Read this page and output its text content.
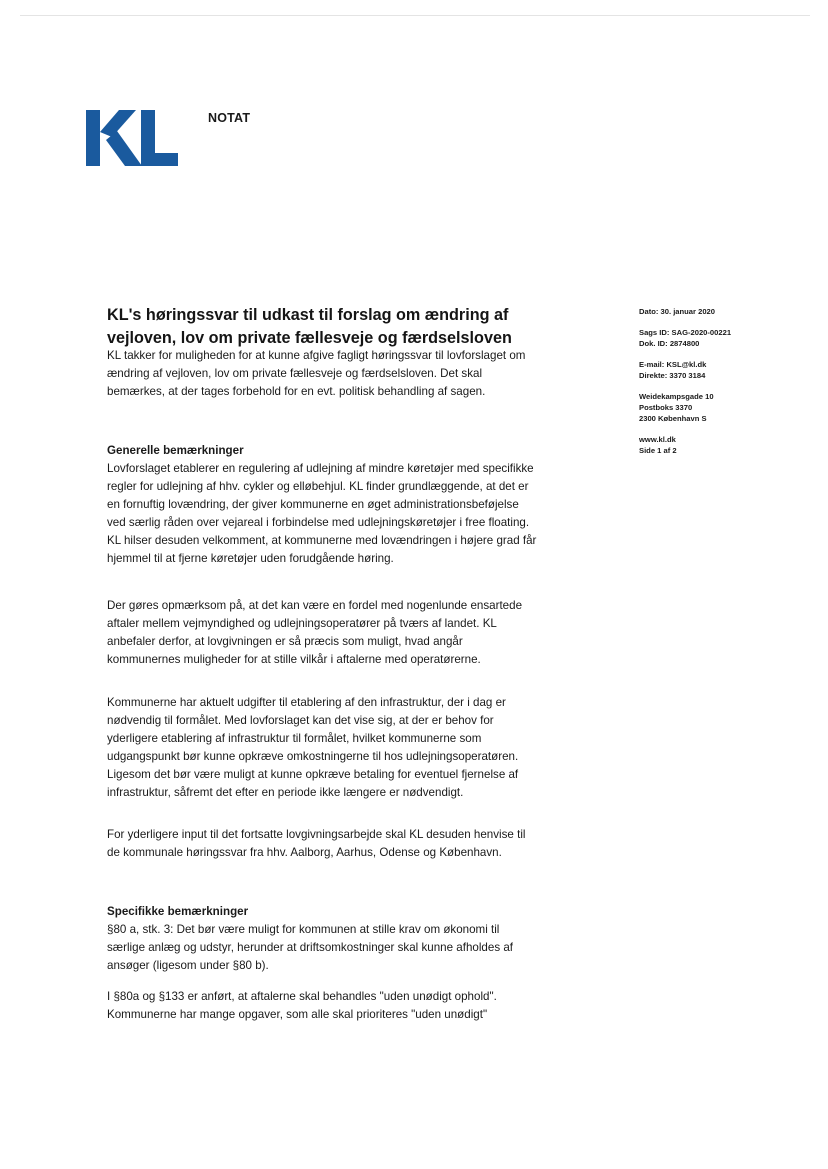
NOTAT
KL's høringssvar til udkast til forslag om ændring af vejloven, lov om private fællesveje og færdselsloven
Dato: 30. januar 2020
Sags ID: SAG-2020-00221
Dok. ID: 2874800
E-mail: KSL@kl.dk
Direkte: 3370 3184
Weidekampsgade 10
Postboks 3370
2300 København S
www.kl.dk
Side 1 af 2

KL takker for muligheden for at kunne afgive fagligt høringssvar til lovforslaget om ændring af vejloven, lov om private fællesveje og færdselsloven. Det skal bemærkes, at der tages forbehold for en evt. politisk behandling af sagen.

Generelle bemærkninger

Lovforslaget etablerer en regulering af udlejning af mindre køretøjer med specifikke regler for udlejning af hhv. cykler og elløbehjul. KL finder grundlæggende, at det er en fornuftig lovændring, der giver kommunerne en øget administrationsbeføjelse ved særlig råden over vejareal i forbindelse med udlejningskøretøjer i free floating. KL hilser desuden velkomment, at kommunerne med lovændringen i højere grad får hjemmel til at fjerne køretøjer uden forudgående høring.

Der gøres opmærksom på, at det kan være en fordel med nogenlunde ensartede aftaler mellem vejmyndighed og udlejningsoperatører på tværs af landet. KL anbefaler derfor, at lovgivningen er så præcis som muligt, hvad angår kommunernes muligheder for at stille vilkår i aftalerne med operatørerne.

Kommunerne har aktuelt udgifter til etablering af den infrastruktur, der i dag er nødvendig til formålet. Med lovforslaget kan det vise sig, at der er behov for yderligere etablering af infrastruktur til formålet, hvilket kommunerne som udgangspunkt bør kunne opkræve omkostningerne til hos udlejningsoperatøren. Ligesom det bør være muligt at kunne opkræve betaling for eventuel fjernelse af infrastruktur, såfremt det efter en periode ikke længere er nødvendigt.

For yderligere input til det fortsatte lovgivningsarbejde skal KL desuden henvise til de kommunale høringssvar fra hhv. Aalborg, Aarhus, Odense og København.

Specifikke bemærkninger

§80 a, stk. 3: Det bør være muligt for kommunen at stille krav om økonomi til særlige anlæg og udstyr, herunder at driftsomkostninger skal kunne afholdes af ansøger (ligesom under §80 b).

I §80a og §133 er anført, at aftalerne skal behandles "uden unødigt ophold". Kommunerne har mange opgaver, som alle skal prioriteres "uden unødigt"
